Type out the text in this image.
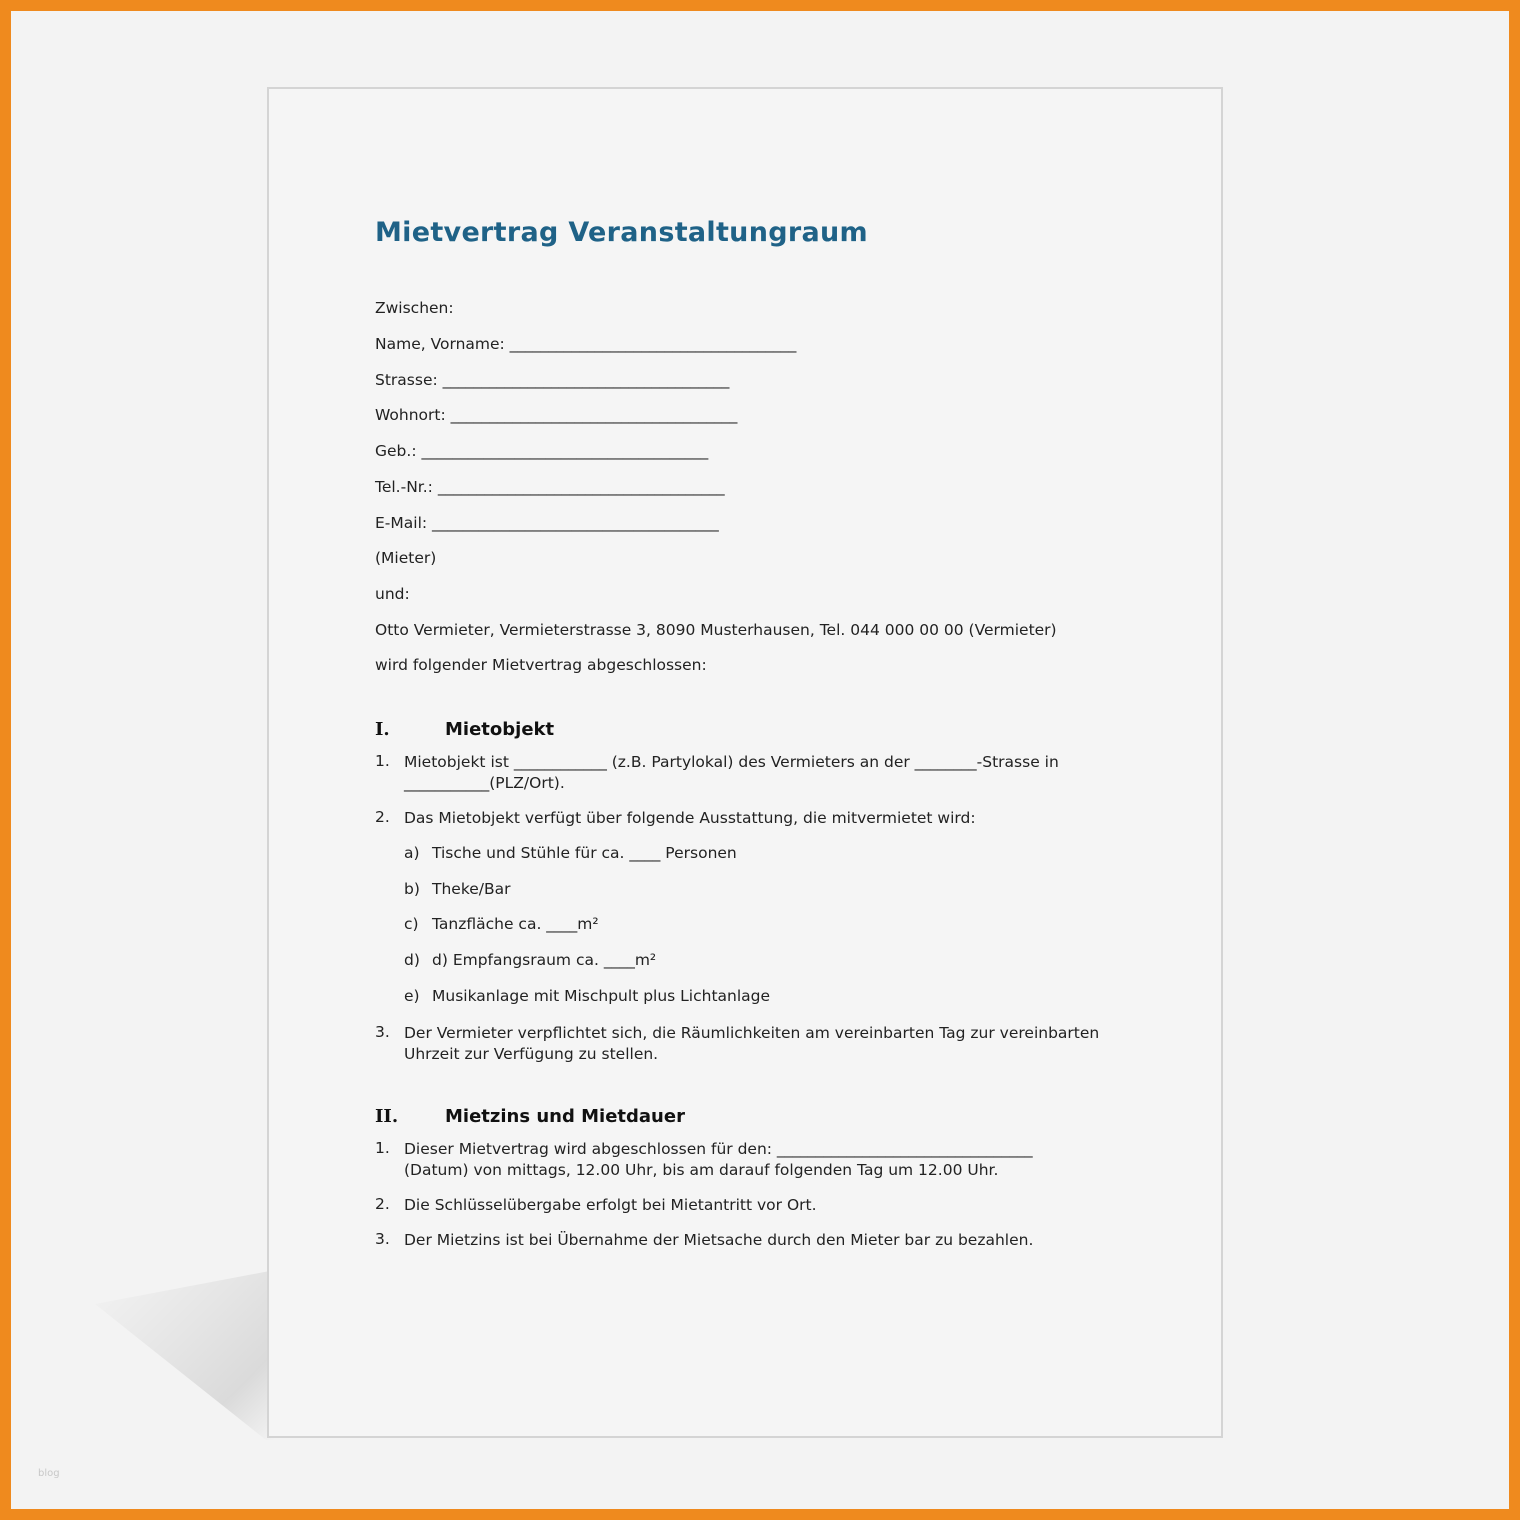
Mietvertrag Veranstaltungraum
Zwischen:
Name, Vorname: _____________________________________
Strasse: _____________________________________
Wohnort: _____________________________________
Geb.: _____________________________________
Tel.-Nr.: _____________________________________
E-Mail: _____________________________________
(Mieter)
und:
Otto Vermieter, Vermieterstrasse 3, 8090 Musterhausen, Tel. 044 000 00 00 (Vermieter)
wird folgender Mietvertrag abgeschlossen:
I.	Mietobjekt
1. Mietobjekt ist ____________ (z.B. Partylokal) des Vermieters an der ________-Strasse in
___________(PLZ/Ort).
2. Das Mietobjekt verfügt über folgende Ausstattung, die mitvermietet wird:
a) Tische und Stühle für ca. ____ Personen
b) Theke/Bar
c) Tanzfläche ca. ____m²
d) d) Empfangsraum ca. ____m²
e) Musikanlage mit Mischpult plus Lichtanlage
3. Der Vermieter verpflichtet sich, die Räumlichkeiten am vereinbarten Tag zur vereinbarten
Uhrzeit zur Verfügung zu stellen.
II.	Mietzins und Mietdauer
1. Dieser Mietvertrag wird abgeschlossen für den: _________________________________
(Datum) von mittags, 12.00 Uhr, bis am darauf folgenden Tag um 12.00 Uhr.
2. Die Schlüsselübergabe erfolgt bei Mietantritt vor Ort.
3. Der Mietzins ist bei Übernahme der Mietsache durch den Mieter bar zu bezahlen.
blog
